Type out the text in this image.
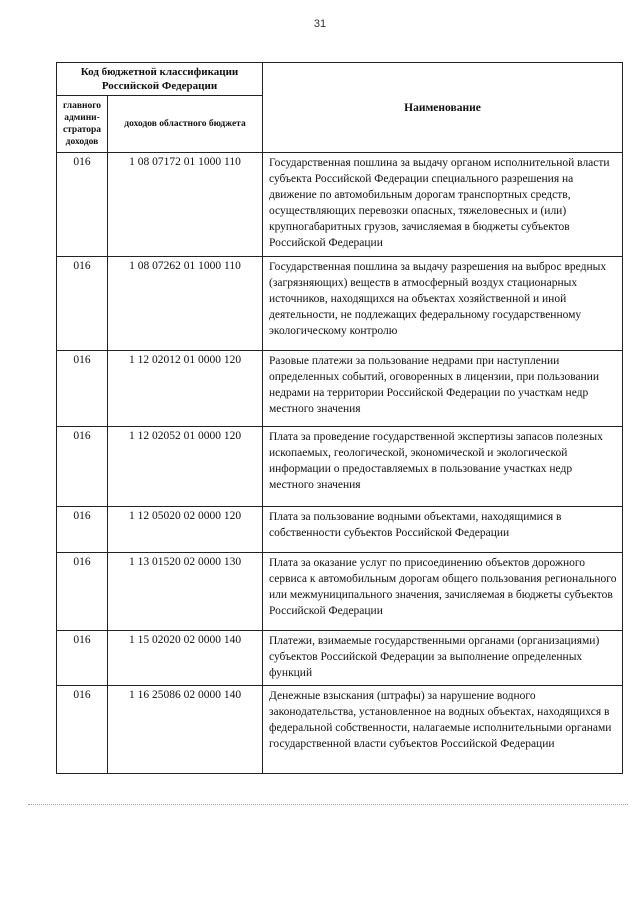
31
Код бюджетной классификации Российской Федерации		Наименование
главного админи-стратора доходов	доходов областного бюджета	
016	1 08 07172 01 1000 110	Государственная пошлина за выдачу органом исполнительной власти субъекта Российской Федерации специального разрешения на движение по автомобильным дорогам транспортных средств, осуществляющих перевозки опасных, тяжеловесных и (или) крупногабаритных грузов, зачисляемая в бюджеты субъектов Российской Федерации
016	1 08 07262 01 1000 110	Государственная пошлина за выдачу разрешения на выброс вредных (загрязняющих) веществ в атмосферный воздух стационарных источников, находящихся на объектах хозяйственной и иной деятельности, не подлежащих федеральному государственному экологическому контролю
016	1 12 02012 01 0000 120	Разовые платежи за пользование недрами при наступлении определенных событий, оговоренных в лицензии, при пользовании недрами на территории Российской Федерации по участкам недр местного значения
016	1 12 02052 01 0000 120	Плата за проведение государственной экспертизы запасов полезных ископаемых, геологической, экономической и экологической информации о предоставляемых в пользование участках недр местного значения
016	1 12 05020 02 0000 120	Плата за пользование водными объектами, находящимися в собственности субъектов Российской Федерации
016	1 13 01520 02 0000 130	Плата за оказание услуг по присоединению объектов дорожного сервиса к автомобильным дорогам общего пользования регионального или межмуниципального значения, зачисляемая в бюджеты субъектов Российской Федерации
016	1 15 02020 02 0000 140	Платежи, взимаемые государственными органами (организациями) субъектов Российской Федерации за выполнение определенных функций
016	1 16 25086 02 0000 140	Денежные взыскания (штрафы) за нарушение водного законодательства, установленное на водных объектах, находящихся в федеральной собственности, налагаемые исполнительными органами государственной власти субъектов Российской Федерации
